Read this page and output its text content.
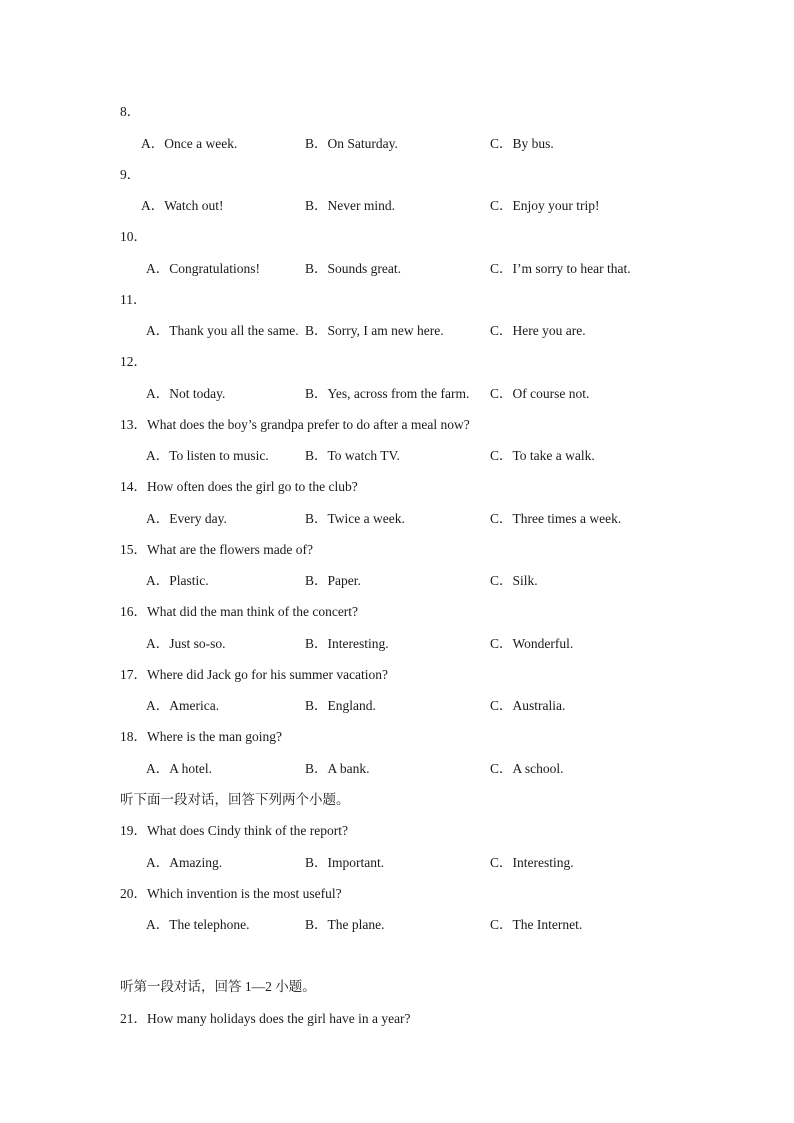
8．
A．Once a week.	B．On Saturday.	C．By bus.
9．
A．Watch out!	B．Never mind.	C．Enjoy your trip!
10．
A．Congratulations!	B．Sounds great.	C．I’m sorry to hear that.
11．
A．Thank you all the same. B．Sorry, I am new here.	C．Here you are.
12．
A．Not today.	B．Yes, across from the farm. C．Of course not.
13．What does the boy’s grandpa prefer to do after a meal now?
A．To listen to music.	B．To watch TV.	C．To take a walk.
14．How often does the girl go to the club?
A．Every day.	B．Twice a week.	C．Three times a week.
15．What are the flowers made of?
A．Plastic.	B．Paper.	C．Silk.
16．What did the man think of the concert?
A．Just so-so.	B．Interesting.	C．Wonderful.
17．Where did Jack go for his summer vacation?
A．America.	B．England.	C．Australia.
18．Where is the man going?
A．A hotel.	B．A bank.	C．A school.
听下面一段对话，回答下列两个小题。
19．What does Cindy think of the report?
A．Amazing.	B．Important.	C．Interesting.
20．Which invention is the most useful?
A．The telephone.	B．The plane.	C．The Internet.
听第一段对话，回答 1—2 小题。
21．How many holidays does the girl have in a year?
